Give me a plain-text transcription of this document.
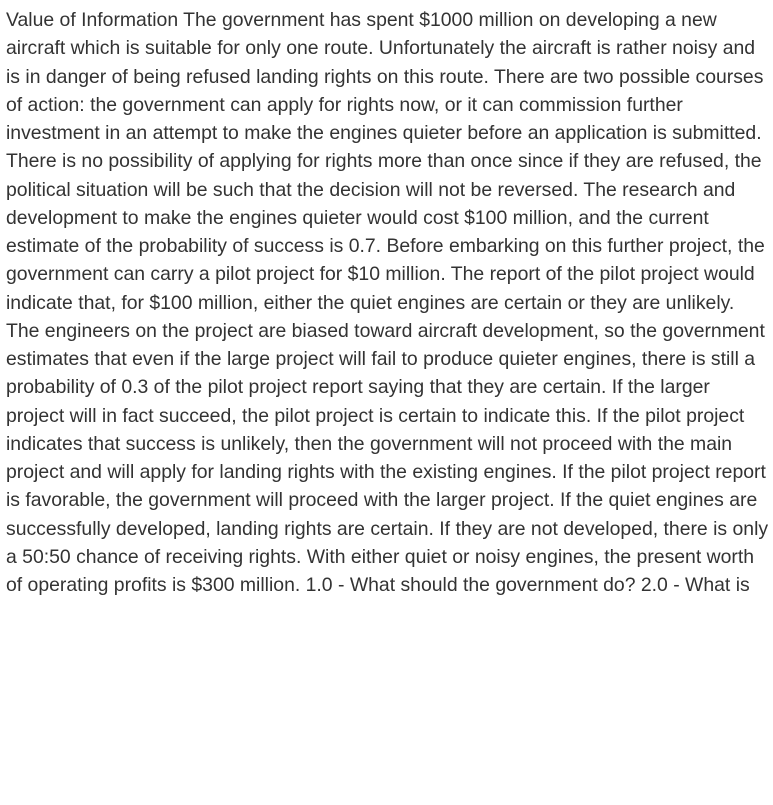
Value of Information The government has spent $1000 million on developing a new aircraft which is suitable for only one route. Unfortunately the aircraft is rather noisy and is in danger of being refused landing rights on this route. There are two possible courses of action: the government can apply for rights now, or it can commission further investment in an attempt to make the engines quieter before an application is submitted. There is no possibility of applying for rights more than once since if they are refused, the political situation will be such that the decision will not be reversed. The research and development to make the engines quieter would cost $100 million, and the current estimate of the probability of success is 0.7. Before embarking on this further project, the government can carry a pilot project for $10 million. The report of the pilot project would indicate that, for $100 million, either the quiet engines are certain or they are unlikely. The engineers on the project are biased toward aircraft development, so the government estimates that even if the large project will fail to produce quieter engines, there is still a probability of 0.3 of the pilot project report saying that they are certain. If the larger project will in fact succeed, the pilot project is certain to indicate this. If the pilot project indicates that success is unlikely, then the government will not proceed with the main project and will apply for landing rights with the existing engines. If the pilot project report is favorable, the government will proceed with the larger project. If the quiet engines are successfully developed, landing rights are certain. If they are not developed, there is only a 50:50 chance of receiving rights. With either quiet or noisy engines, the present worth of operating profits is $300 million. 1.0 - What should the government do? 2.0 - What is
